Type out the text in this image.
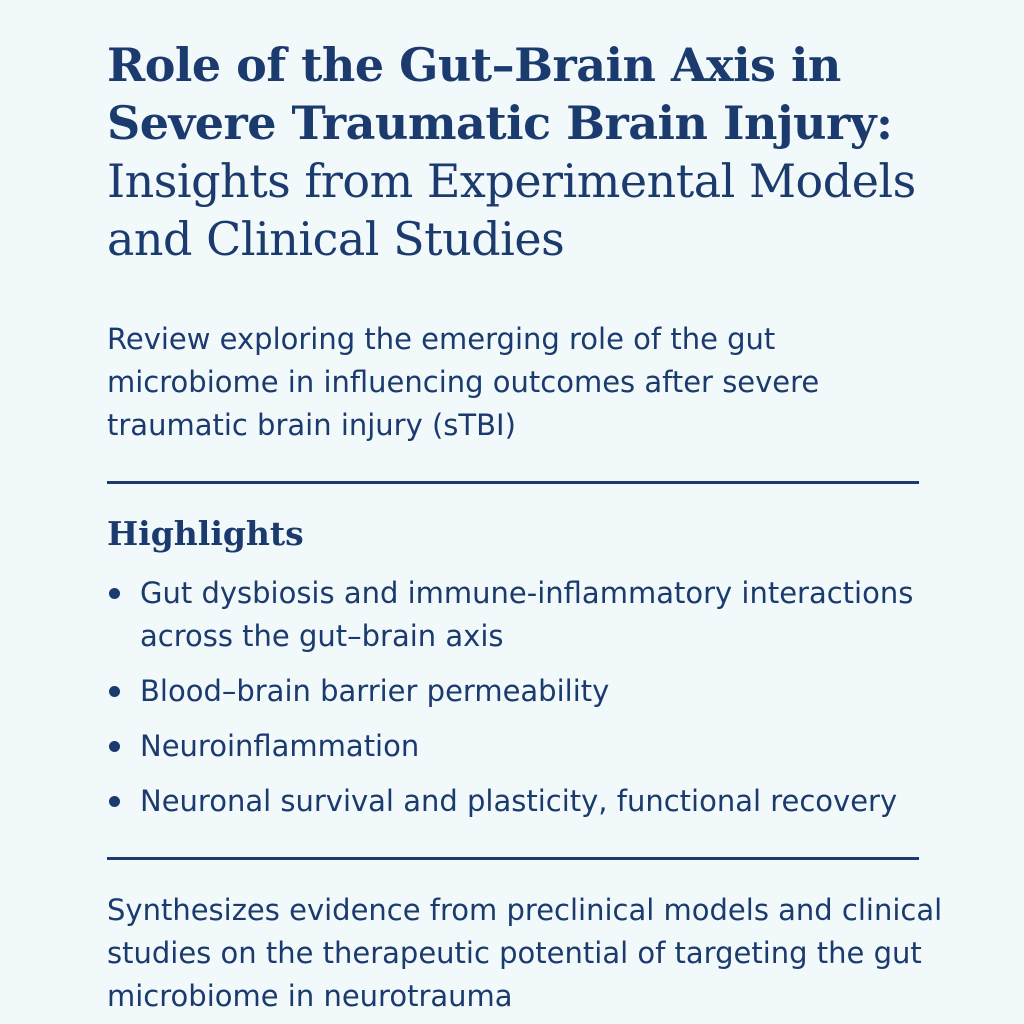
Role of the Gut–Brain Axis in Severe Traumatic Brain Injury:
Insights from Experimental Models and Clinical Studies

Review exploring the emerging role of the gut microbiome in influencing outcomes after severe traumatic brain injury (sTBI)

Highlights
Gut dysbiosis and immune-inflammatory interactions across the gut–brain axis
Blood–brain barrier permeability
Neuroinflammation
Neuronal survival and plasticity, functional recovery

Synthesizes evidence from preclinical models and clinical studies on the therapeutic potential of targeting the gut microbiome in neurotrauma
